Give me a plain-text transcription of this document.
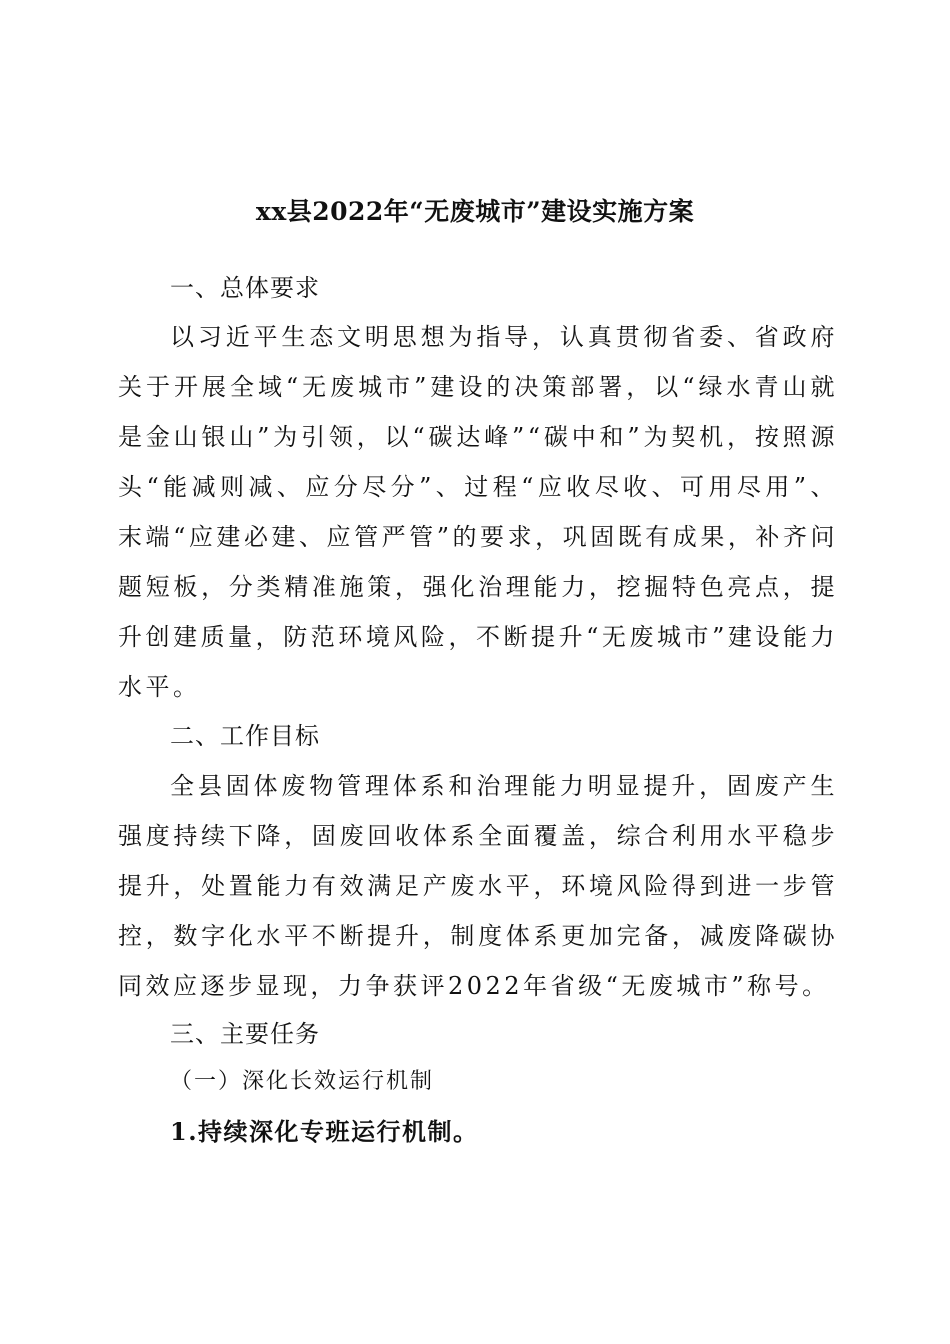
xx县2022年“无废城市”建设实施方案
一、总体要求

以习近平生态文明思想为指导，认真贯彻省委、省政府关于开展全域“无废城市”建设的决策部署，以“绿水青山就是金山银山”为引领，以“碳达峰”“碳中和”为契机，按照源头“能减则减、应分尽分”、过程“应收尽收、可用尽用”、末端“应建必建、应管严管”的要求，巩固既有成果，补齐问题短板，分类精准施策，强化治理能力，挖掘特色亮点，提升创建质量，防范环境风险，不断提升“无废城市”建设能力水平。

二、工作目标

全县固体废物管理体系和治理能力明显提升，固废产生强度持续下降，固废回收体系全面覆盖，综合利用水平稳步提升，处置能力有效满足产废水平，环境风险得到进一步管控，数字化水平不断提升，制度体系更加完备，减废降碳协同效应逐步显现，力争获评2022年省级“无废城市”称号。

三、主要任务
（一）深化长效运行机制
1.持续深化专班运行机制。
